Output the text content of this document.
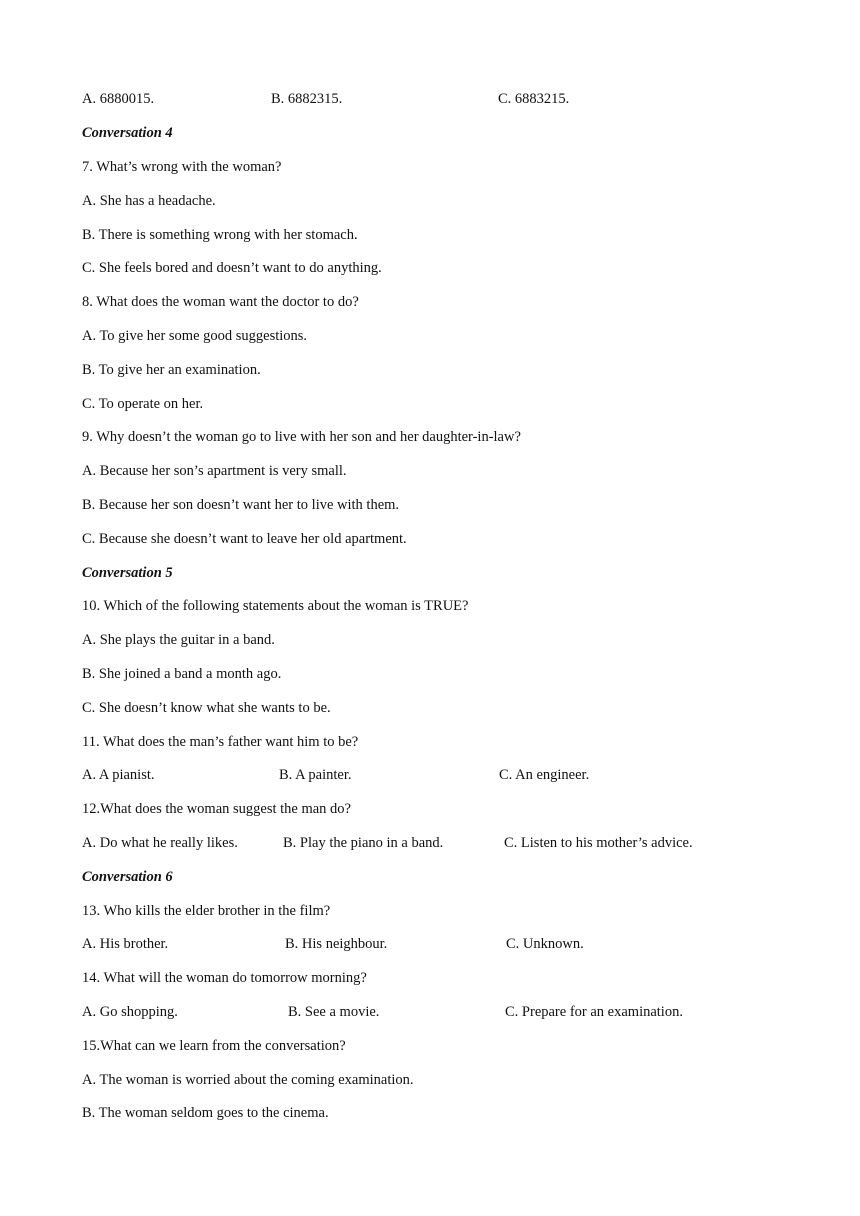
A. 6880015.	B. 6882315.	C. 6883215.
Conversation 4
7. What’s wrong with the woman?
A. She has a headache.
B. There is something wrong with her stomach.
C. She feels bored and doesn’t want to do anything.
8. What does the woman want the doctor to do?
A. To give her some good suggestions.
B. To give her an examination.
C. To operate on her.
9. Why doesn’t the woman go to live with her son and her daughter-in-law?
A. Because her son’s apartment is very small.
B. Because her son doesn’t want her to live with them.
C. Because she doesn’t want to leave her old apartment.
Conversation 5
10. Which of the following statements about the woman is TRUE?
A. She plays the guitar in a band.
B. She joined a band a month ago.
C. She doesn’t know what she wants to be.
11. What does the man’s father want him to be?
A. A pianist.	B. A painter.	C. An engineer.
12.What does the woman suggest the man do?
A. Do what he really likes.	B. Play the piano in a band.	C. Listen to his mother’s advice.
Conversation 6
13. Who kills the elder brother in the film?
A. His brother.	B. His neighbour.	C. Unknown.
14. What will the woman do tomorrow morning?
A. Go shopping.	B. See a movie.	C. Prepare for an examination.
15.What can we learn from the conversation?
A. The woman is worried about the coming examination.
B. The woman seldom goes to the cinema.
